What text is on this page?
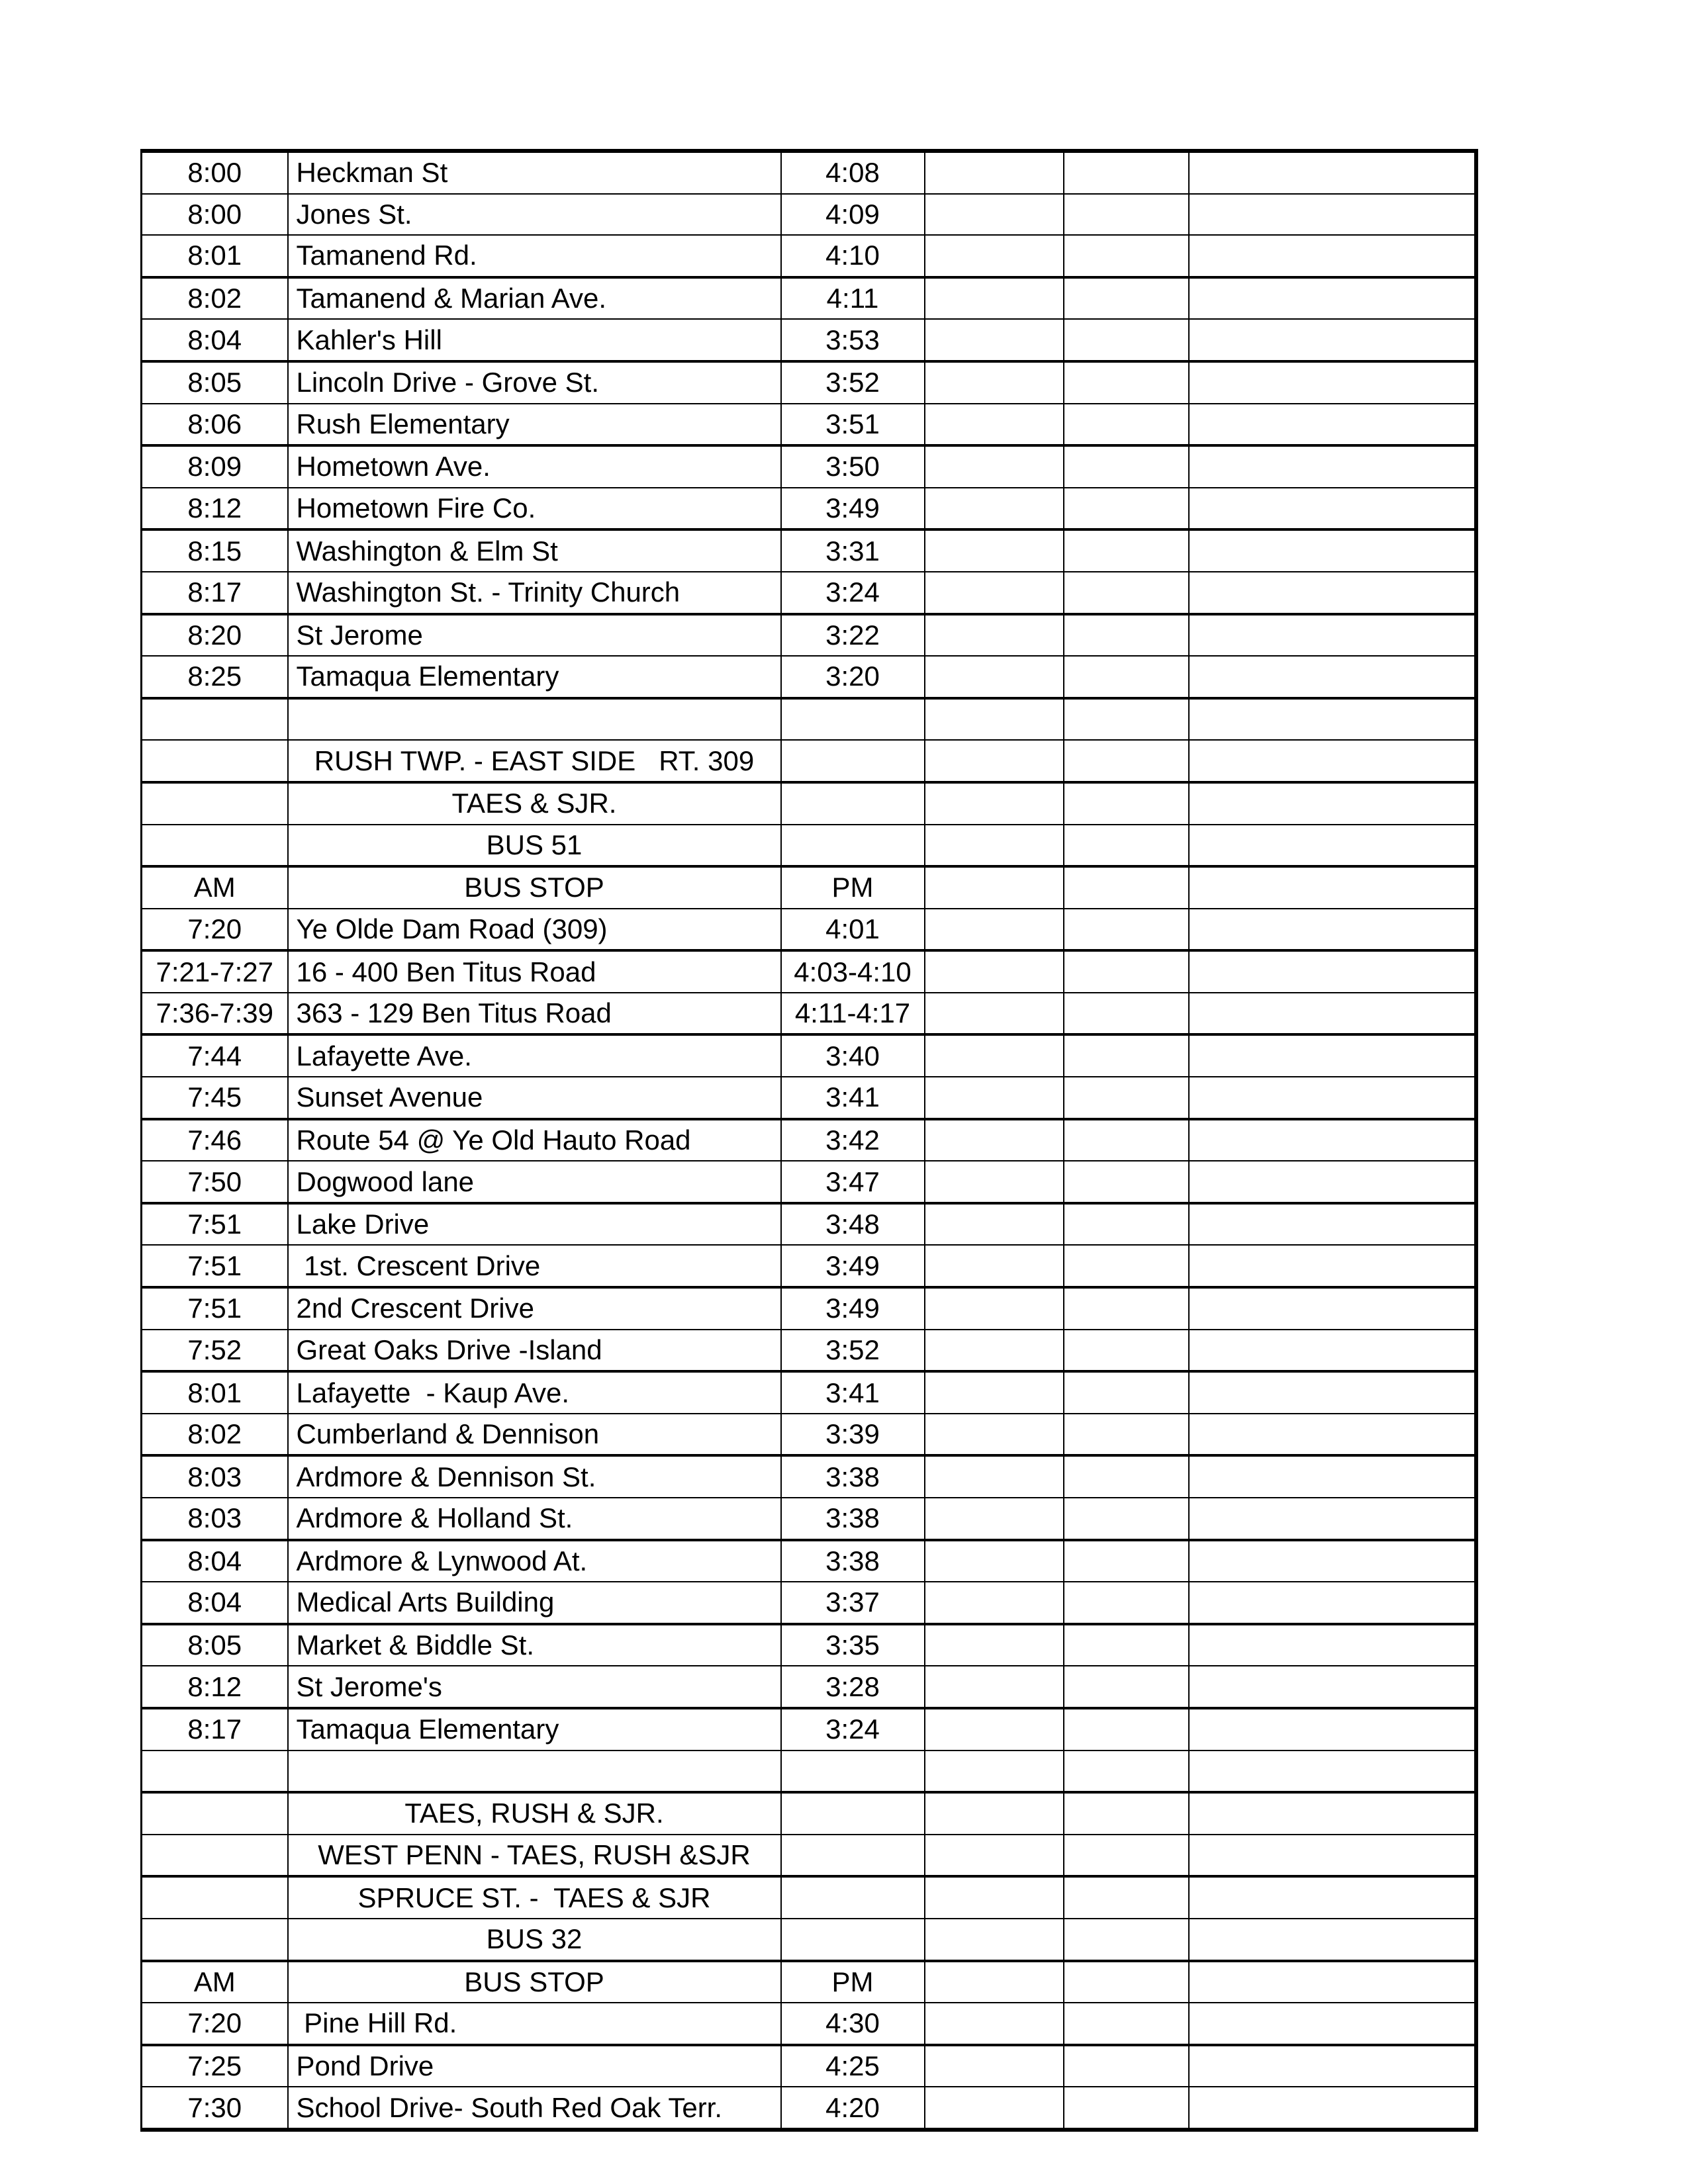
8:00	Heckman St	4:08			
8:00	Jones St.	4:09			
8:01	Tamanend Rd.	4:10			
8:02	Tamanend & Marian Ave.	4:11			
8:04	Kahler's Hill	3:53			
8:05	Lincoln Drive - Grove St.	3:52			
8:06	Rush Elementary	3:51			
8:09	Hometown Ave.	3:50			
8:12	Hometown Fire Co.	3:49			
8:15	Washington & Elm St	3:31			
8:17	Washington St. - Trinity Church	3:24			
8:20	St Jerome	3:22			
8:25	Tamaqua Elementary	3:20			

	RUSH TWP. - EAST SIDE   RT. 309				
	TAES & SJR.				
	BUS 51				
AM	BUS STOP	PM			
7:20	Ye Olde Dam Road (309)	4:01			
7:21-7:27	16 - 400 Ben Titus Road	4:03-4:10			
7:36-7:39	363 - 129 Ben Titus Road	4:11-4:17			
7:44	Lafayette Ave.	3:40			
7:45	Sunset Avenue	3:41			
7:46	Route 54 @ Ye Old Hauto Road	3:42			
7:50	Dogwood lane	3:47			
7:51	Lake Drive	3:48			
7:51	1st. Crescent Drive	3:49			
7:51	2nd Crescent Drive	3:49			
7:52	Great Oaks Drive -Island	3:52			
8:01	Lafayette  - Kaup Ave.	3:41			
8:02	Cumberland & Dennison	3:39			
8:03	Ardmore & Dennison St.	3:38			
8:03	Ardmore & Holland St.	3:38			
8:04	Ardmore & Lynwood At.	3:38			
8:04	Medical Arts Building	3:37			
8:05	Market & Biddle St.	3:35			
8:12	St Jerome's	3:28			
8:17	Tamaqua Elementary	3:24			

	TAES, RUSH & SJR.				
	WEST PENN - TAES, RUSH &SJR				
	SPRUCE ST. -  TAES & SJR				
	BUS 32				
AM	BUS STOP	PM			
7:20	Pine Hill Rd.	4:30			
7:25	Pond Drive	4:25			
7:30	School Drive- South Red Oak Terr.	4:20			
